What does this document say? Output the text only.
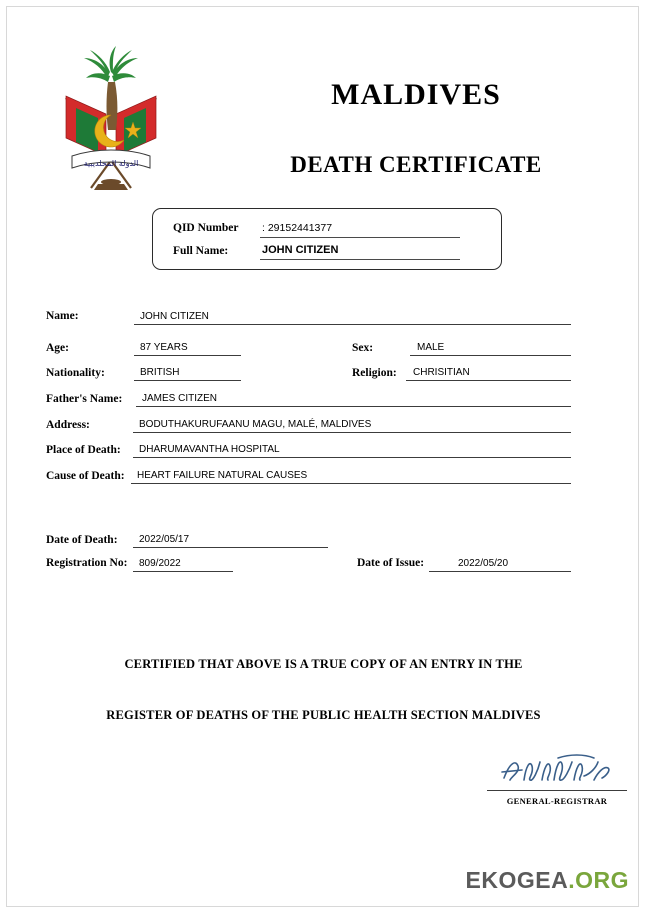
الدولة المحلديبية
MALDIVES
DEATH CERTIFICATE
QID Number : 29152441377
Full Name:	JOHN CITIZEN
Name:	JOHN CITIZEN
Age:	87 YEARS	Sex:	MALE
Nationality:	BRITISH	Religion: CHRISITIAN
Father's Name: JAMES CITIZEN
Address:	BODUTHAKURUFAANU MAGU, MALÉ, MALDIVES
Place of Death: DHARUMAVANTHA HOSPITAL
Cause of Death: HEART FAILURE NATURAL CAUSES
Date of Death: 2022/05/17
Registration No: 809/2022	Date of Issue:	2022/05/20
CERTIFIED THAT ABOVE IS A TRUE COPY OF AN ENTRY IN THE
REGISTER OF DEATHS OF THE PUBLIC HEALTH SECTION MALDIVES
GENERAL-REGISTRAR
EKOGEA.ORG
